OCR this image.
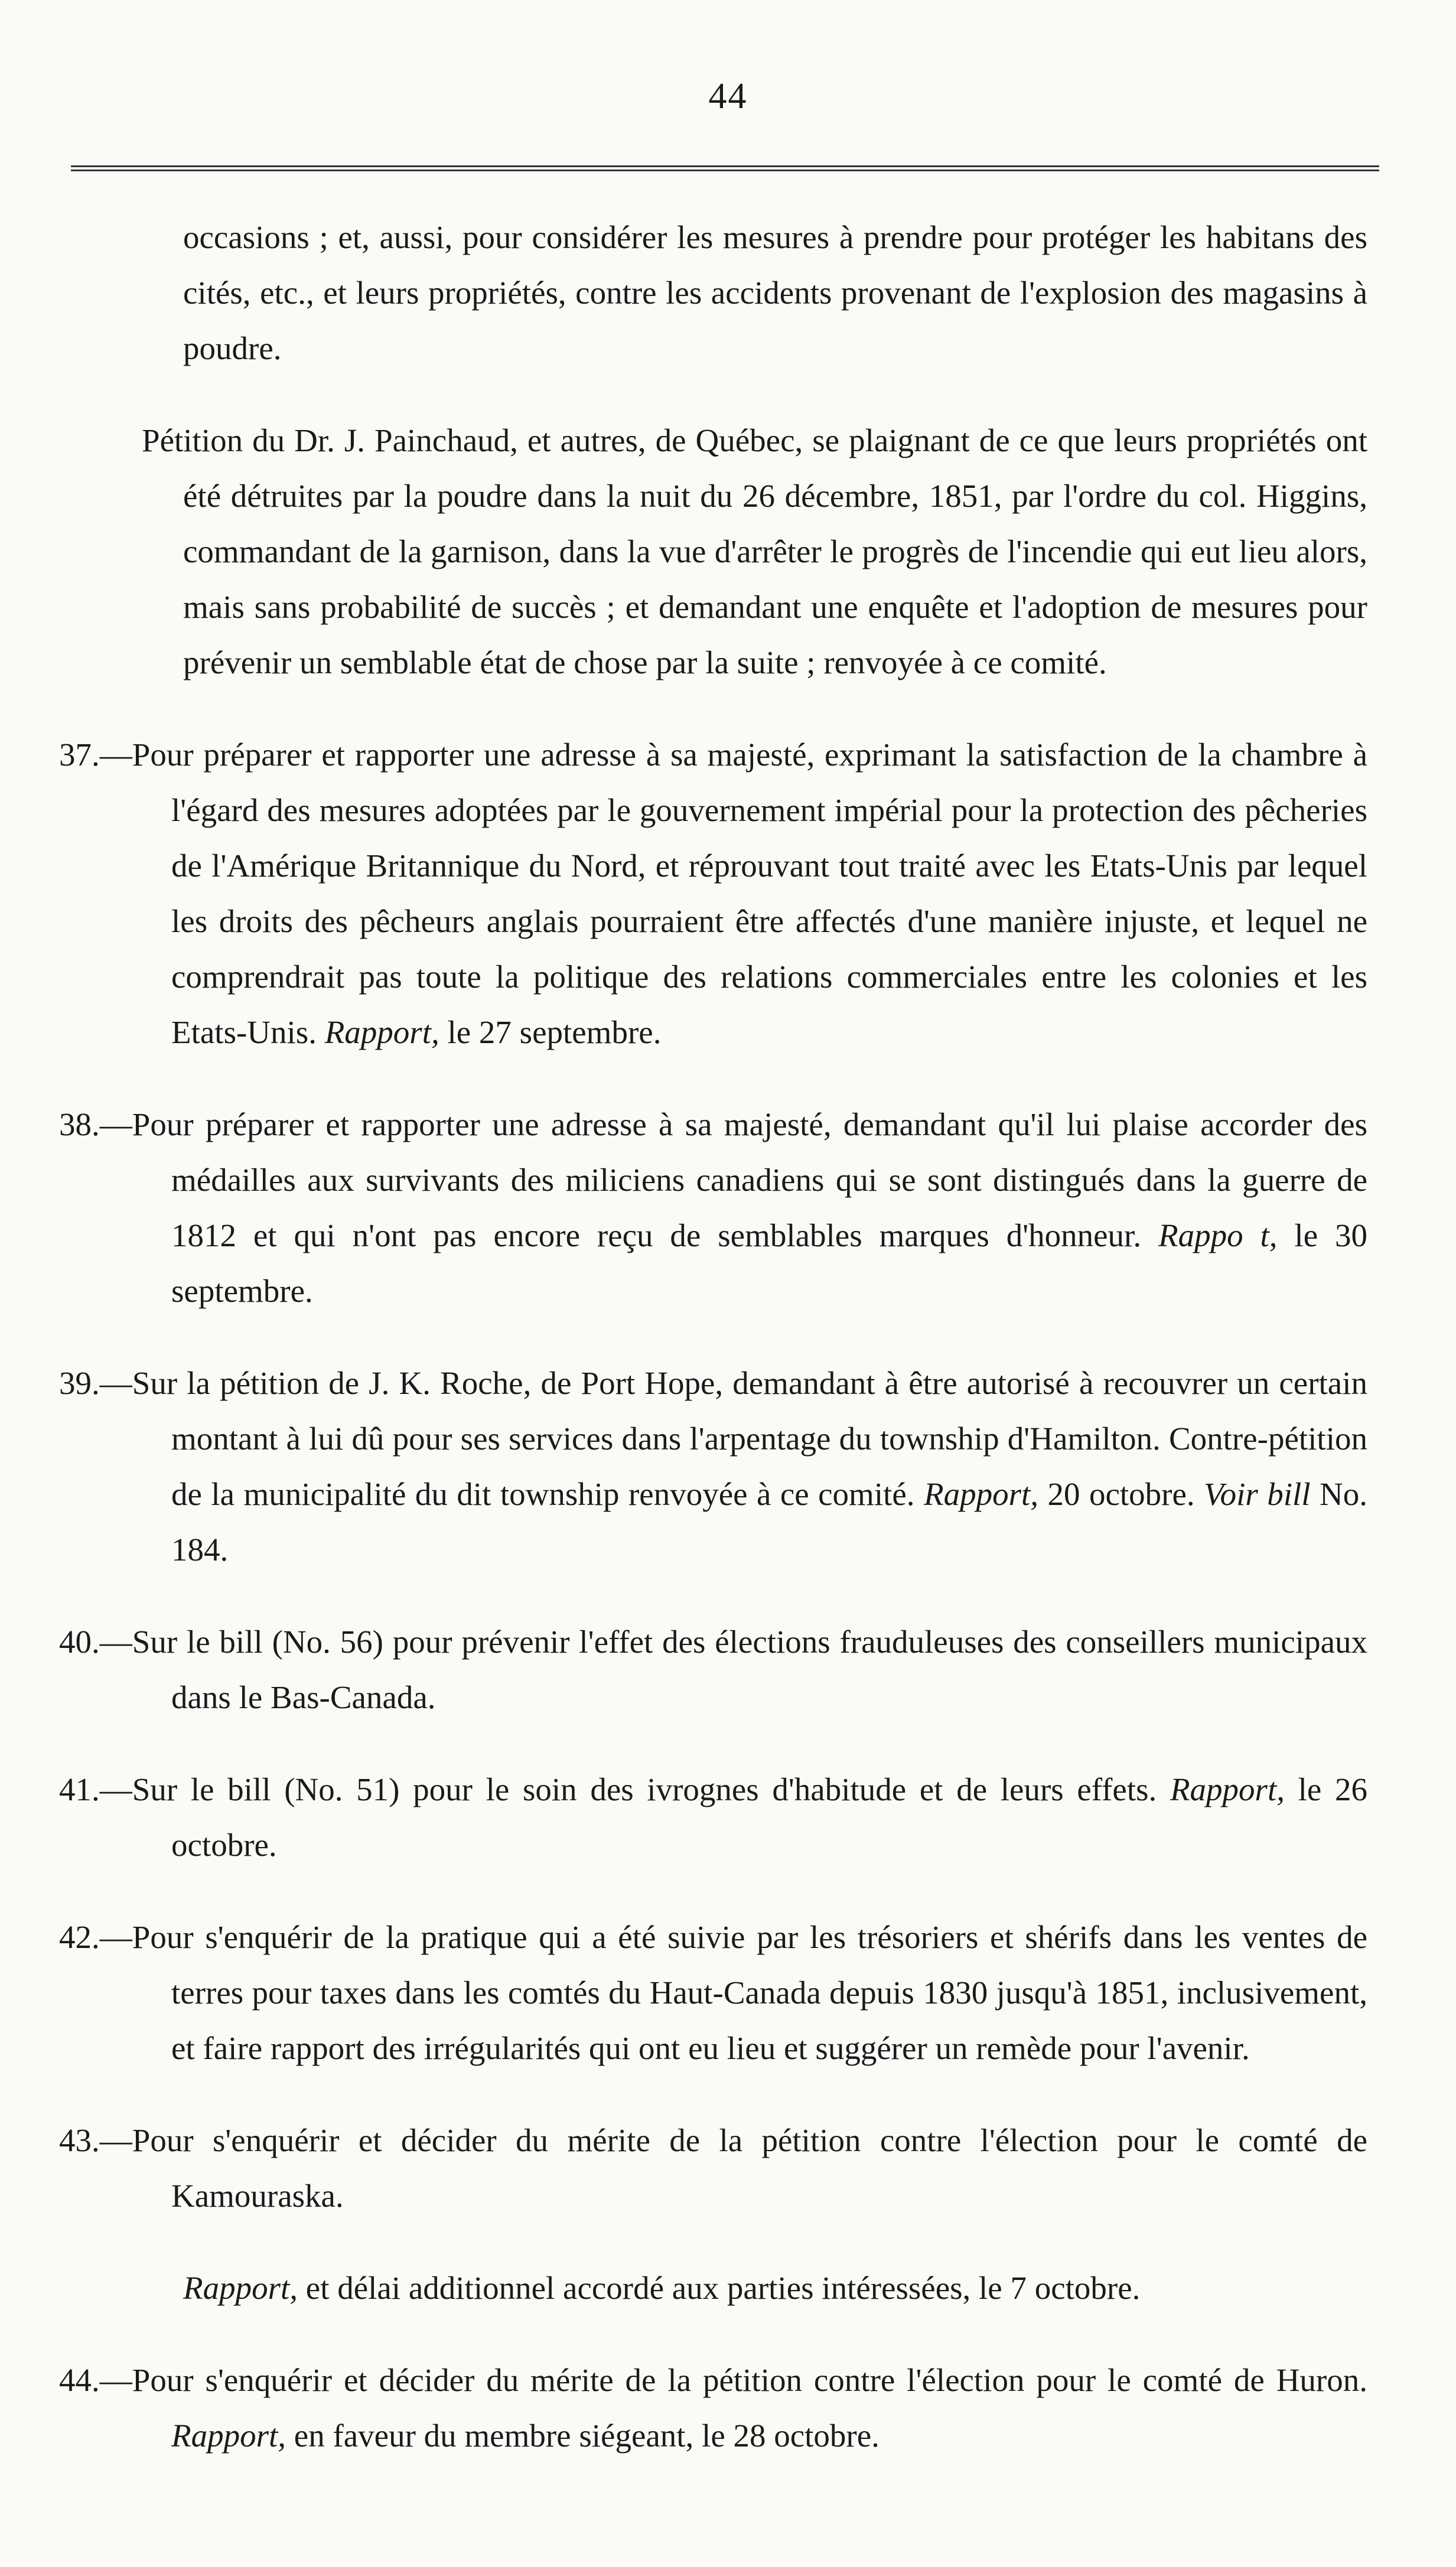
44

occasions ; et, aussi, pour considérer les mesures à prendre pour protéger les habitans des cités, etc., et leurs propriétés, contre les accidents provenant de l'explosion des magasins à poudre.

Pétition du Dr. J. Painchaud, et autres, de Québec, se plaignant de ce que leurs propriétés ont été détruites par la poudre dans la nuit du 26 décembre, 1851, par l'ordre du col. Higgins, commandant de la garnison, dans la vue d'arrêter le progrès de l'incendie qui eut lieu alors, mais sans probabilité de succès ; et demandant une enquête et l'adoption de mesures pour prévenir un semblable état de chose par la suite ; renvoyée à ce comité.

37.—Pour préparer et rapporter une adresse à sa majesté, exprimant la satisfaction de la chambre à l'égard des mesures adoptées par le gouvernement impérial pour la protection des pêcheries de l'Amérique Britannique du Nord, et réprouvant tout traité avec les Etats-Unis par lequel les droits des pêcheurs anglais pourraient être affectés d'une manière injuste, et lequel ne comprendrait pas toute la politique des relations commerciales entre les colonies et les Etats-Unis. Rapport, le 27 septembre.

38.—Pour préparer et rapporter une adresse à sa majesté, demandant qu'il lui plaise accorder des médailles aux survivants des miliciens canadiens qui se sont distingués dans la guerre de 1812 et qui n'ont pas encore reçu de semblables marques d'honneur. Rappo t, le 30 septembre.

39.—Sur la pétition de J. K. Roche, de Port Hope, demandant à être autorisé à recouvrer un certain montant à lui dû pour ses services dans l'arpentage du township d'Hamilton. Contre-pétition de la municipalité du dit township renvoyée à ce comité. Rapport, 20 octobre. Voir bill No. 184.

40.—Sur le bill (No. 56) pour prévenir l'effet des élections frauduleuses des conseillers municipaux dans le Bas-Canada.

41.—Sur le bill (No. 51) pour le soin des ivrognes d'habitude et de leurs effets. Rapport, le 26 octobre.

42.—Pour s'enquérir de la pratique qui a été suivie par les trésoriers et shérifs dans les ventes de terres pour taxes dans les comtés du Haut-Canada depuis 1830 jusqu'à 1851, inclusivement, et faire rapport des irrégularités qui ont eu lieu et suggérer un remède pour l'avenir.

43.—Pour s'enquérir et décider du mérite de la pétition contre l'élection pour le comté de Kamouraska.

Rapport, et délai additionnel accordé aux parties intéressées, le 7 octobre.

44.—Pour s'enquérir et décider du mérite de la pétition contre l'élection pour le comté de Huron. Rapport, en faveur du membre siégeant, le 28 octobre.
